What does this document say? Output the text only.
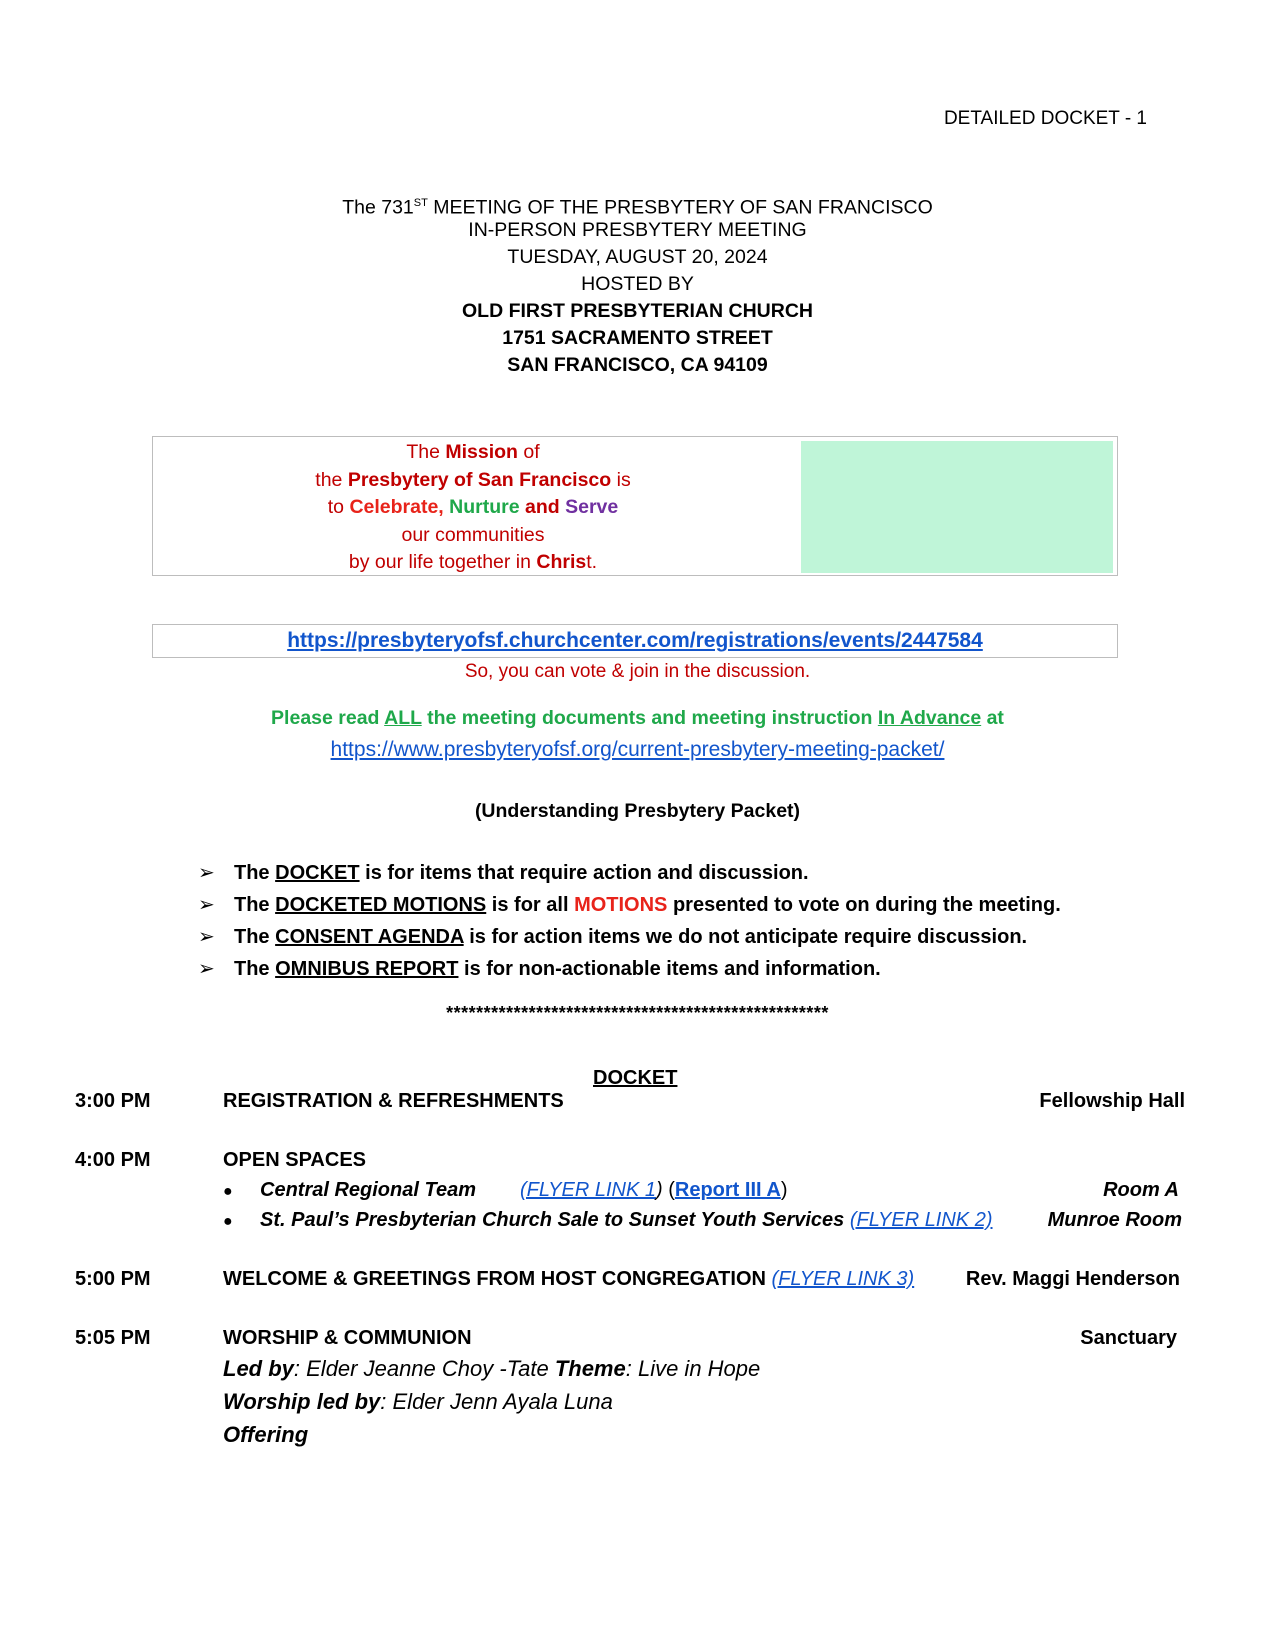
DETAILED DOCKET - 1
The 731ST MEETING OF THE PRESBYTERY OF SAN FRANCISCO
IN-PERSON PRESBYTERY MEETING
TUESDAY, AUGUST 20, 2024
HOSTED BY
OLD FIRST PRESBYTERIAN CHURCH
1751 SACRAMENTO STREET
SAN FRANCISCO, CA 94109
The Mission of
the Presbytery of San Francisco is
to Celebrate, Nurture and Serve
our communities
by our life together in Christ.
https://presbyteryofsf.churchcenter.com/registrations/events/2447584
So, you can vote & join in the discussion.
Please read ALL the meeting documents and meeting instruction In Advance at
https://www.presbyteryofsf.org/current-presbytery-meeting-packet/
(Understanding Presbytery Packet)
➢ The DOCKET is for items that require action and discussion.
➢ The DOCKETED MOTIONS is for all MOTIONS presented to vote on during the meeting.
➢ The CONSENT AGENDA is for action items we do not anticipate require discussion.
➢ The OMNIBUS REPORT is for non-actionable items and information.
***************************************************
DOCKET
3:00 PM	REGISTRATION & REFRESHMENTS	Fellowship Hall
4:00 PM	OPEN SPACES
● Central Regional Team (FLYER LINK 1) (Report III A)	Room A
● St. Paul’s Presbyterian Church Sale to Sunset Youth Services (FLYER LINK 2)	Munroe Room
5:00 PM	WELCOME & GREETINGS FROM HOST CONGREGATION (FLYER LINK 3)	Rev. Maggi Henderson
5:05 PM	WORSHIP & COMMUNION	Sanctuary
Led by: Elder Jeanne Choy -Tate Theme: Live in Hope
Worship led by: Elder Jenn Ayala Luna
Offering
